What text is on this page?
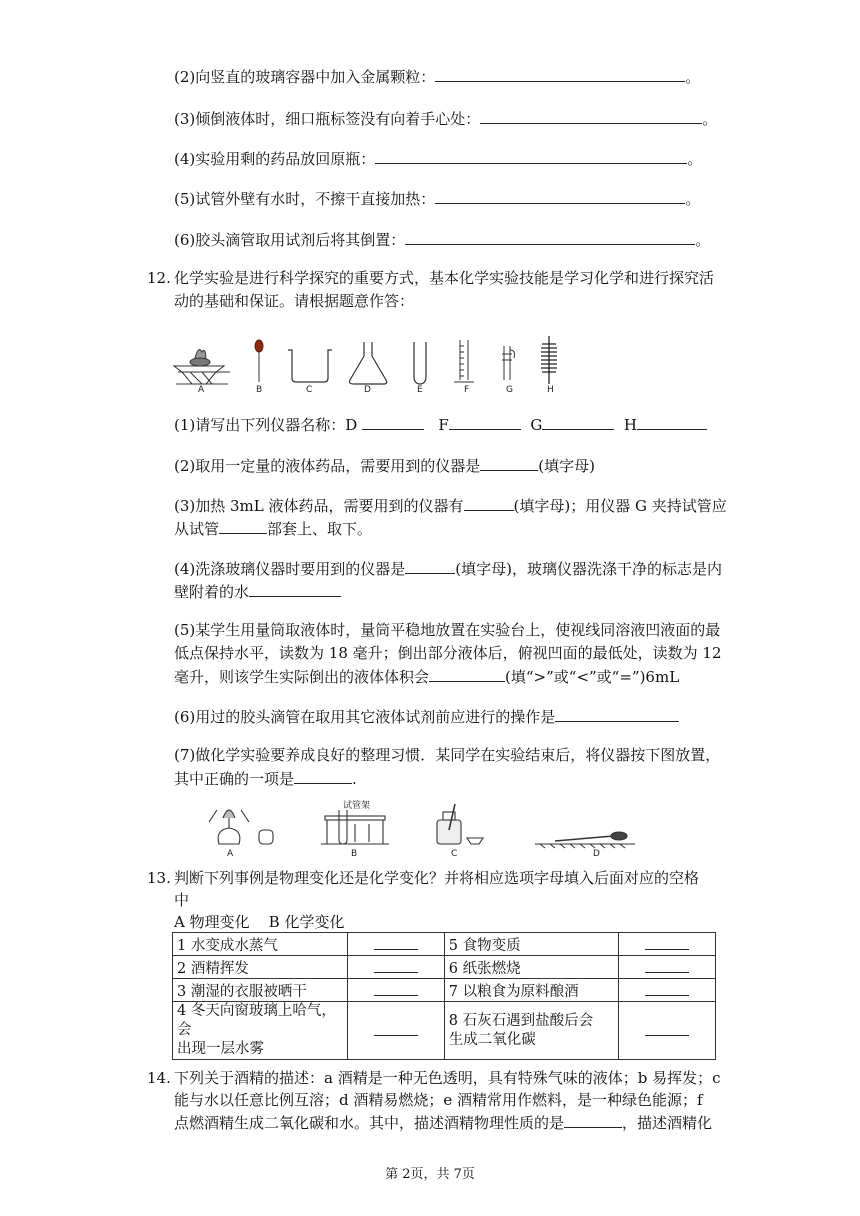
(2)向竖直的玻璃容器中加入金属颗粒：	。
(3)倾倒液体时，细口瓶标签没有向着手心处：	。
(4)实验用剩的药品放回原瓶：	。
(5)试管外壁有水时，不擦干直接加热：	。
(6)胶头滴管取用试剂后将其倒置：	。
12. 化学实验是进行科学探究的重要方式，基本化学实验技能是学习化学和进行探究活
动的基础和保证。请根据题意作答：
A	B	C	D	E	F	G	H
(1)请写出下列仪器名称：D	F	G	H
(2)取用一定量的液体药品，需要用到的仪器是	(填字母)
(3)加热 3mL 液体药品，需要用到的仪器有	(填字母)；用仪器 G 夹持试管应
从试管	部套上、取下。
(4)洗涤玻璃仪器时要用到的仪器是	(填字母)，玻璃仪器洗涤干净的标志是内
壁附着的水
(5)某学生用量筒取液体时，量筒平稳地放置在实验台上，使视线同溶液凹液面的最
低点保持水平，读数为 18 毫升；倒出部分液体后，俯视凹面的最低处，读数为 12
毫升，则该学生实际倒出的液体体积会	(填“>”或“<”或“=”)6mL
(6)用过的胶头滴管在取用其它液体试剂前应进行的操作是
(7)做化学实验要养成良好的整理习惯．某同学在实验结束后，将仪器按下图放置，
其中正确的一项是	.
A
试管架
B	C	D
13. 判断下列事例是物理变化还是化学变化？并将相应选项字母填入后面对应的空格
中
A 物理变化    B 化学变化
1 水变成水蒸气		5 食物变质	
2 酒精挥发		6 纸张燃烧	
3 潮湿的衣服被晒干		7 以粮食为原料酿酒	
4 冬天向窗玻璃上哈气，会
出现一层水雾		8 石灰石遇到盐酸后会
生成二氧化碳	
14. 下列关于酒精的描述：a 酒精是一种无色透明，具有特殊气味的液体；b 易挥发；c
能与水以任意比例互溶；d 酒精易燃烧；e 酒精常用作燃料，是一种绿色能源；f
点燃酒精生成二氧化碳和水。其中，描述酒精物理性质的是	，描述酒精化
第 2页，共 7页
